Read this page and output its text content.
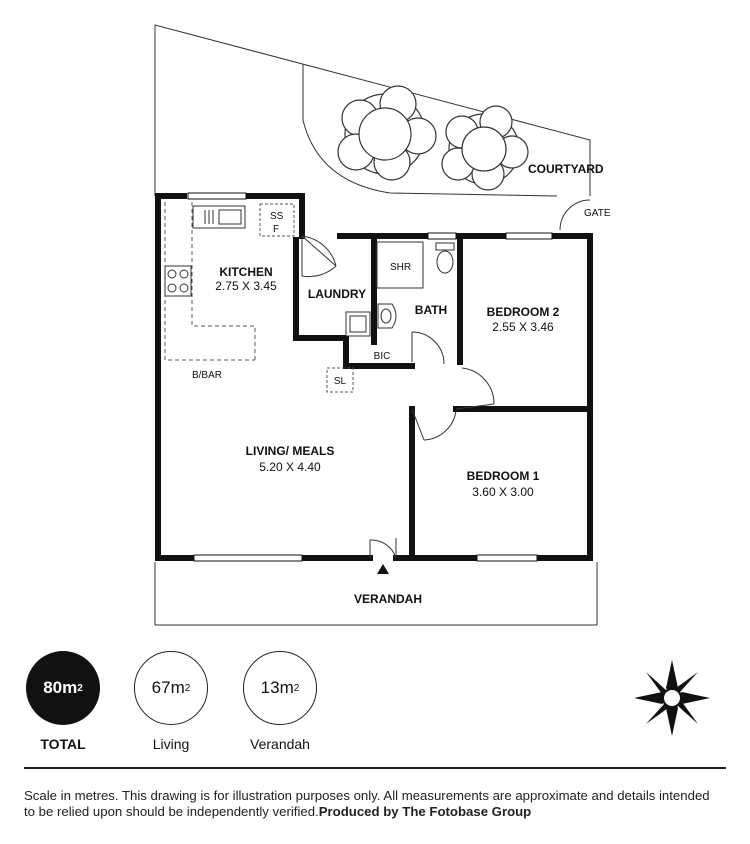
COURTYARD
GATE
SS
F
KITCHEN
2.75 X 3.45
LAUNDRY
SHR
BATH	BEDROOM 2
2.55 X 3.46
BIC
SL
B/BAR
LIVING/ MEALS
5.20 X 4.40
BEDROOM 1
3.60 X 3.00
VERANDAH
80m 2	67m 2	13m 2
TOTAL	Living	Verandah
Scale in metres. This drawing is for illustration purposes only. All measurements are approximate and details intended to be relied upon should be independently verified.Produced by The Fotobase Group
